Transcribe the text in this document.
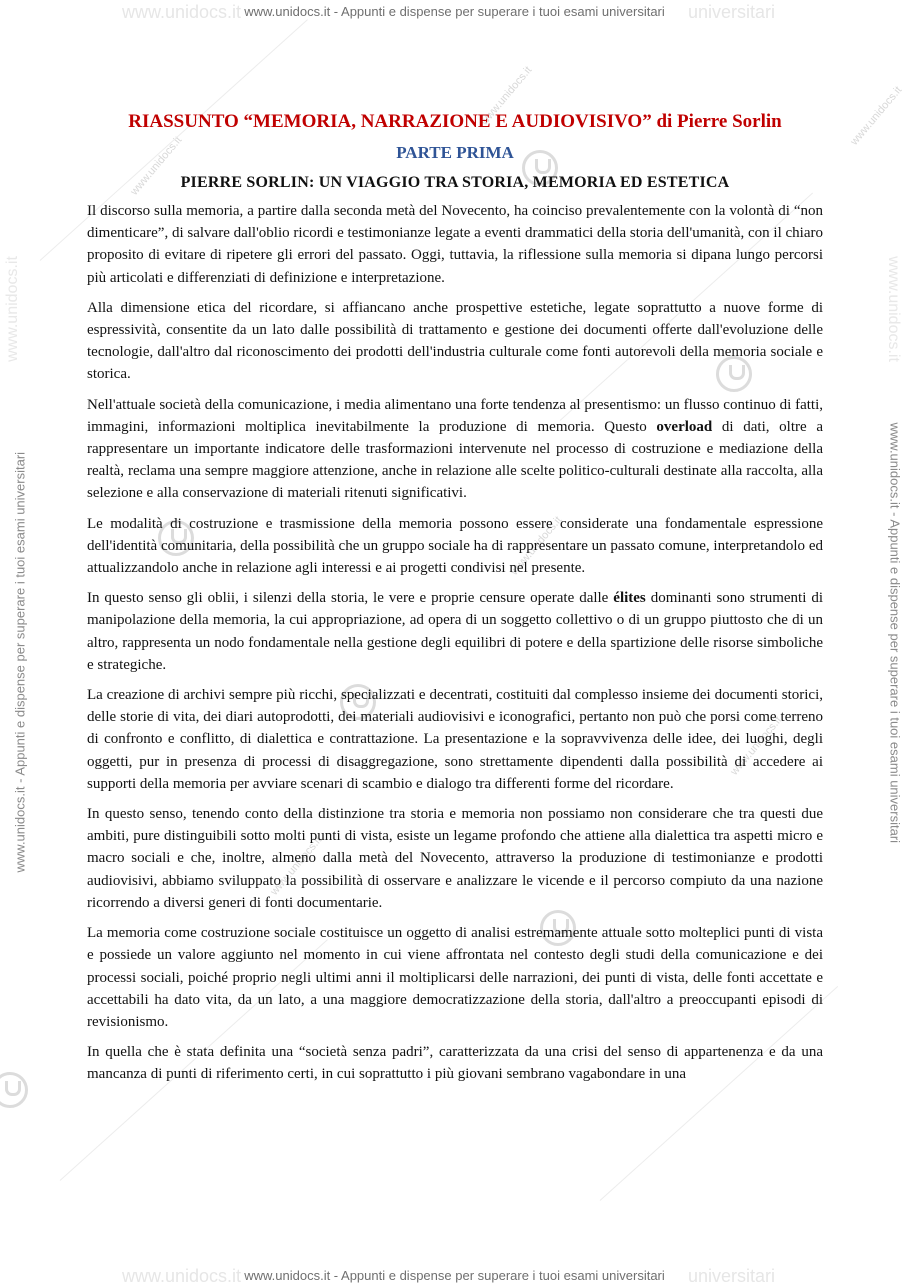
www.unidocs.it	universitari
www.unidocs.it - Appunti e dispense per superare i tuoi esami universitari
www.unidocs.it	universitari
www.unidocs.it - Appunti e dispense per superare i tuoi esami universitari
www.unidocs.it - Appunti e dispense per superare i tuoi esami universitari	www.unidocs.it - Appunti e dispense per superare i tuoi esami universitari
www.unidocs.it	www.unidocs.it
www.unidocs.it
www.unidocs.it	www.unidocs.it
www.unidocs.it
www.unidocs.it
www.unidocs.it
RIASSUNTO “MEMORIA, NARRAZIONE E AUDIOVISIVO” di Pierre Sorlin
PARTE PRIMA
PIERRE SORLIN: UN VIAGGIO TRA STORIA, MEMORIA ED ESTETICA

Il discorso sulla memoria, a partire dalla seconda metà del Novecento, ha coinciso prevalentemente con la volontà di “non dimenticare”, di salvare dall'oblio ricordi e testimonianze legate a eventi drammatici della storia dell'umanità, con il chiaro proposito di evitare di ripetere gli errori del passato. Oggi, tuttavia, la riflessione sulla memoria si dipana lungo percorsi più articolati e differenziati di definizione e interpretazione.

Alla dimensione etica del ricordare, si affiancano anche prospettive estetiche, legate soprattutto a nuove forme di espressività, consentite da un lato dalle possibilità di trattamento e gestione dei documenti offerte dall'evoluzione delle tecnologie, dall'altro dal riconoscimento dei prodotti dell'industria culturale come fonti autorevoli della memoria sociale e storica.

Nell'attuale società della comunicazione, i media alimentano una forte tendenza al presentismo: un flusso continuo di fatti, immagini, informazioni moltiplica inevitabilmente la produzione di memoria. Questo overload di dati, oltre a rappresentare un importante indicatore delle trasformazioni intervenute nel processo di costruzione e mediazione della realtà, reclama una sempre maggiore attenzione, anche in relazione alle scelte politico-culturali destinate alla raccolta, alla selezione e alla conservazione di materiali ritenuti significativi.

Le modalità di costruzione e trasmissione della memoria possono essere considerate una fondamentale espressione dell'identità comunitaria, della possibilità che un gruppo sociale ha di rappresentare un passato comune, interpretandolo ed attualizzandolo anche in relazione agli interessi e ai progetti condivisi nel presente.

In questo senso gli oblii, i silenzi della storia, le vere e proprie censure operate dalle élites dominanti sono strumenti di manipolazione della memoria, la cui appropriazione, ad opera di un soggetto collettivo o di un gruppo piuttosto che di un altro, rappresenta un nodo fondamentale nella gestione degli equilibri di potere e della spartizione delle risorse simboliche e strategiche.

La creazione di archivi sempre più ricchi, specializzati e decentrati, costituiti dal complesso insieme dei documenti storici, delle storie di vita, dei diari autoprodotti, dei materiali audiovisivi e iconografici, pertanto non può che porsi come terreno di confronto e conflitto, di dialettica e contrattazione. La presentazione e la sopravvivenza delle idee, dei luoghi, degli oggetti, pur in presenza di processi di disaggregazione, sono strettamente dipendenti dalla possibilità di accedere ai supporti della memoria per avviare scenari di scambio e dialogo tra differenti forme del ricordare.

In questo senso, tenendo conto della distinzione tra storia e memoria non possiamo non considerare che tra questi due ambiti, pure distinguibili sotto molti punti di vista, esiste un legame profondo che attiene alla dialettica tra aspetti micro e macro sociali e che, inoltre, almeno dalla metà del Novecento, attraverso la produzione di testimonianze e prodotti audiovisivi, abbiamo sviluppato la possibilità di osservare e analizzare le vicende e il percorso compiuto da una nazione ricorrendo a diversi generi di fonti documentarie.

La memoria come costruzione sociale costituisce un oggetto di analisi estremamente attuale sotto molteplici punti di vista e possiede un valore aggiunto nel momento in cui viene affrontata nel contesto degli studi della comunicazione e dei processi sociali, poiché proprio negli ultimi anni il moltiplicarsi delle narrazioni, dei punti di vista, delle fonti accettate e accettabili ha dato vita, da un lato, a una maggiore democratizzazione della storia, dall'altro a preoccupanti episodi di revisionismo.

In quella che è stata definita una “società senza padri”, caratterizzata da una crisi del senso di appartenenza e da una mancanza di punti di riferimento certi, in cui soprattutto i più giovani sembrano vagabondare in una
